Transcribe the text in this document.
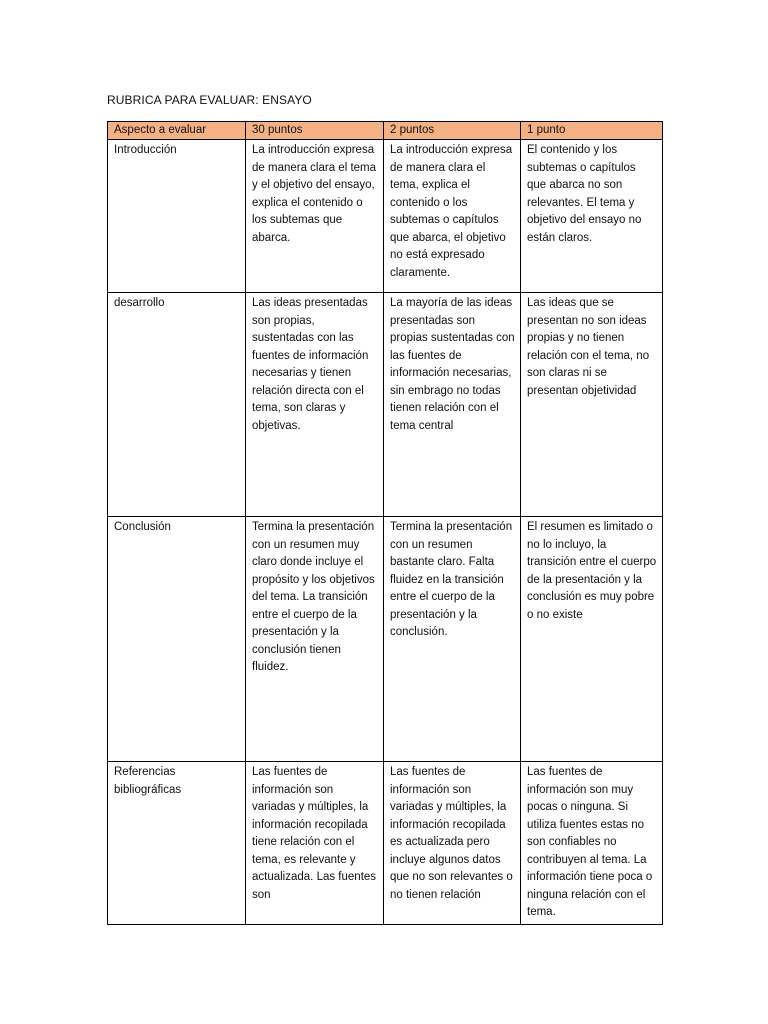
RUBRICA PARA EVALUAR: ENSAYO
Aspecto a evaluar	30 puntos	2 puntos	1 punto
Introducción	La introducción expresa de manera clara el tema y el objetivo del ensayo, explica el contenido o los subtemas que abarca.	La introducción expresa de manera clara el tema, explica el contenido o los subtemas o capítulos que abarca, el objetivo no está expresado claramente.	El contenido y los subtemas o capítulos que abarca no son relevantes. El tema y objetivo del ensayo no están claros.
desarrollo	Las ideas presentadas son propias, sustentadas con las fuentes de información necesarias y tienen relación directa con el tema, son claras y objetivas.	La mayoría de las ideas presentadas son propias sustentadas con las fuentes de información necesarias, sin embrago no todas tienen relación con el tema central	Las ideas que se presentan no son ideas propias y no tienen relación con el tema, no son claras ni se presentan objetividad
Conclusión	Termina la presentación con un resumen muy claro donde incluye el propósito y los objetivos del tema. La transición entre el cuerpo de la presentación y la conclusión tienen fluidez.	Termina la presentación con un resumen bastante claro. Falta fluidez en la transición entre el cuerpo de la presentación y la conclusión.	El resumen es limitado o no lo incluyo, la transición entre el cuerpo de la presentación y la conclusión es muy pobre o no existe
Referencias bibliográficas	Las fuentes de información son variadas y múltiples, la información recopilada tiene relación con el tema, es relevante y actualizada. Las fuentes son	Las fuentes de información son variadas y múltiples, la información recopilada es actualizada pero incluye algunos datos que no son relevantes o no tienen relación	Las fuentes de información son muy pocas o ninguna. Si utiliza fuentes estas no son confiables no contribuyen al tema. La información tiene poca o ninguna relación con el tema.
